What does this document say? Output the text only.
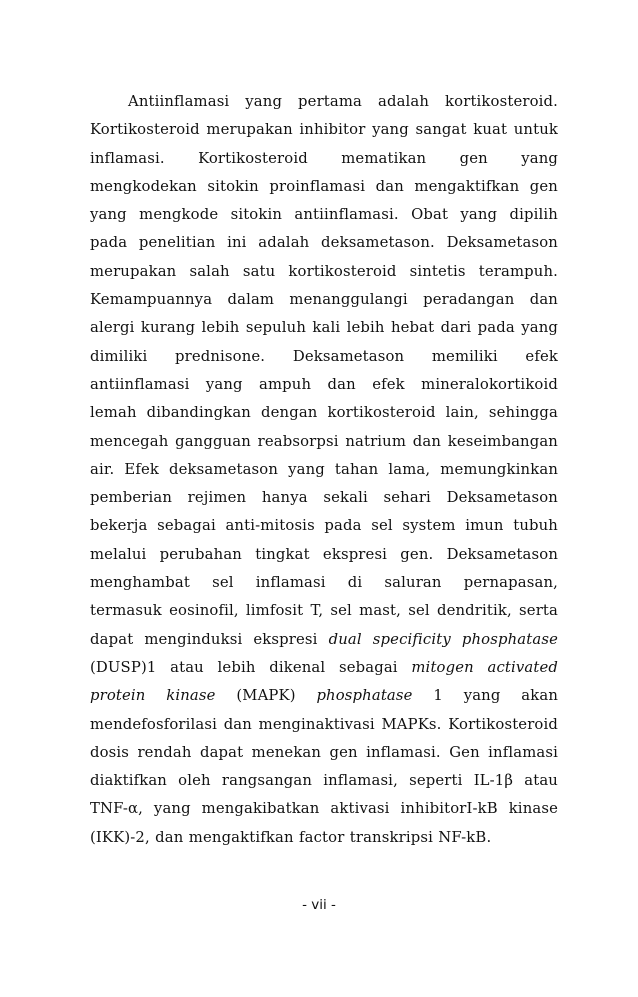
Antiinflamasi yang pertama adalah kortikosteroid.
Kortikosteroid merupakan inhibitor yang sangat kuat untuk
inflamasi. Kortikosteroid mematikan gen yang
mengkodekan sitokin proinflamasi dan mengaktifkan gen
yang mengkode sitokin antiinflamasi. Obat yang dipilih
pada penelitian ini adalah deksametason. Deksametason
merupakan salah satu kortikosteroid sintetis terampuh.
Kemampuannya dalam menanggulangi peradangan dan
alergi kurang lebih sepuluh kali lebih hebat dari pada yang
dimiliki prednisone. Deksametason memiliki efek
antiinflamasi yang ampuh dan efek mineralokortikoid
lemah dibandingkan dengan kortikosteroid lain, sehingga
mencegah gangguan reabsorpsi natrium dan keseimbangan
air. Efek deksametason yang tahan lama, memungkinkan
pemberian rejimen hanya sekali sehari Deksametason
bekerja sebagai anti-mitosis pada sel system imun tubuh
melalui perubahan tingkat ekspresi gen. Deksametason
menghambat sel inflamasi di saluran pernapasan,
termasuk eosinofil, limfosit T, sel mast, sel dendritik, serta
dapat menginduksi ekspresi dual specificity phosphatase
(DUSP)1 atau lebih dikenal sebagai mitogen activated
protein kinase (MAPK) phosphatase 1 yang akan
mendefosforilasi dan menginaktivasi MAPKs. Kortikosteroid
dosis rendah dapat menekan gen inflamasi. Gen inflamasi
diaktifkan oleh rangsangan inflamasi, seperti IL-1β atau
TNF-α, yang mengakibatkan aktivasi inhibitorI-kB kinase
(IKK)-2, dan mengaktifkan factor transkripsi NF-kB.
- vii -
